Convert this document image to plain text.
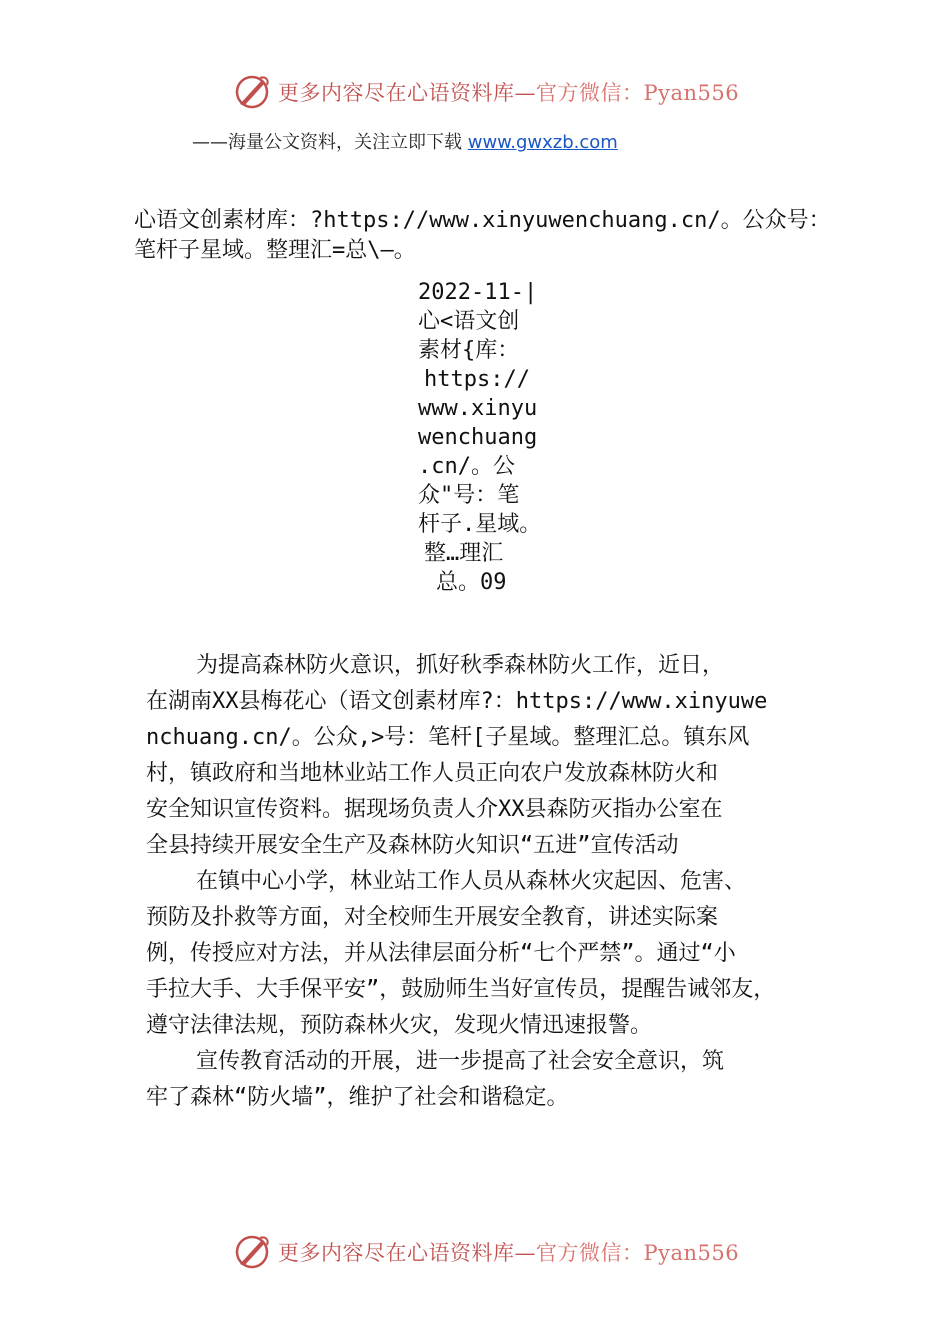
更多内容尽在心语资料库—官方微信：Pyan556
——海量公文资料，关注立即下载 www.gwxzb.com

心语文创素材库：?https://www.xinyuwenchuang.cn/。公众号：

笔杆子星域。整理汇=总\—。

2022-11-|
心<语文创
素材{库：
https://
www.xinyu
wenchuang
.cn/。公
众"号：笔
杆子.星域。
整…理汇
总。09
为提高森林防火意识，抓好秋季森林防火工作，近日，
在湖南XX县梅花心（语文创素材库?：https://www.xinyuwe
nchuang.cn/。公众,>号：笔杆[子星域。整理汇总。镇东风
村，镇政府和当地林业站工作人员正向农户发放森林防火和
安全知识宣传资料。据现场负责人介XX县森防灭指办公室在
全县持续开展安全生产及森林防火知识“五进”宣传活动
在镇中心小学，林业站工作人员从森林火灾起因、危害、
预防及扑救等方面，对全校师生开展安全教育，讲述实际案
例，传授应对方法，并从法律层面分析“七个严禁”。通过“小
手拉大手、大手保平安”，鼓励师生当好宣传员，提醒告诫邻友，
遵守法律法规，预防森林火灾，发现火情迅速报警。
宣传教育活动的开展，进一步提高了社会安全意识，筑
牢了森林“防火墙”，维护了社会和谐稳定。
更多内容尽在心语资料库—官方微信：Pyan556
